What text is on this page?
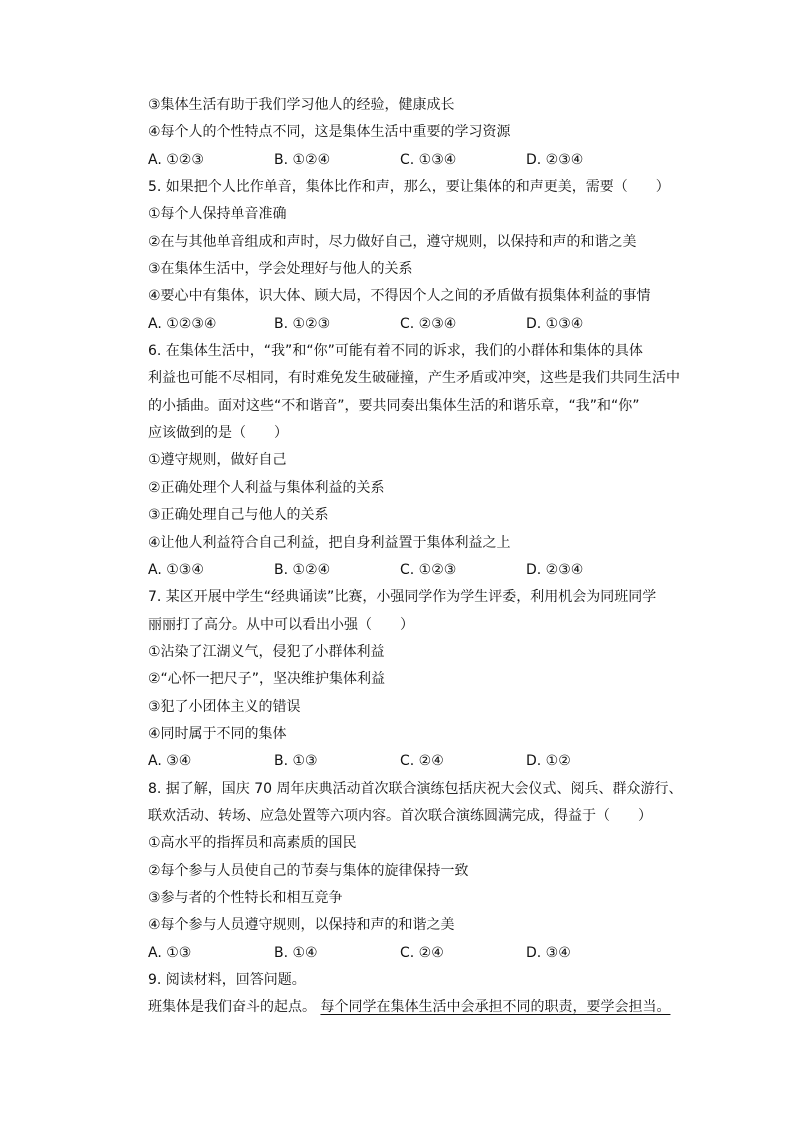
③集体生活有助于我们学习他人的经验，健康成长
④每个人的个性特点不同，这是集体生活中重要的学习资源
A. ①②③	B. ①②④	C. ①③④	D. ②③④
5. 如果把个人比作单音，集体比作和声，那么，要让集体的和声更美，需要（　　）
①每个人保持单音准确
②在与其他单音组成和声时，尽力做好自己，遵守规则，以保持和声的和谐之美
③在集体生活中，学会处理好与他人的关系
④要心中有集体，识大体、顾大局，不得因个人之间的矛盾做有损集体利益的事情
A. ①②③④	B. ①②③	C. ②③④	D. ①③④
6. 在集体生活中，“我”和“你”可能有着不同的诉求，我们的小群体和集体的具体
利益也可能不尽相同，有时难免发生破碰撞，产生矛盾或冲突，这些是我们共同生活中
的小插曲。面对这些“不和谐音”，要共同奏出集体生活的和谐乐章，“我”和“你”
应该做到的是（　　）
①遵守规则，做好自己
②正确处理个人利益与集体利益的关系
③正确处理自己与他人的关系
④让他人利益符合自己利益，把自身利益置于集体利益之上
A. ①③④	B. ①②④	C. ①②③	D. ②③④
7. 某区开展中学生“经典诵读”比赛，小强同学作为学生评委，利用机会为同班同学
丽丽打了高分。从中可以看出小强（　　）
①沾染了江湖义气，侵犯了小群体利益
②“心怀一把尺子”，坚决维护集体利益
③犯了小团体主义的错误
④同时属于不同的集体
A. ③④	B. ①③	C. ②④	D. ①②
8. 据了解，国庆 70 周年庆典活动首次联合演练包括庆祝大会仪式、阅兵、群众游行、
联欢活动、转场、应急处置等六项内容。首次联合演练圆满完成，得益于（　　）
①高水平的指挥员和高素质的国民
②每个参与人员使自己的节奏与集体的旋律保持一致
③参与者的个性特长和相互竞争
④每个参与人员遵守规则，以保持和声的和谐之美
A. ①③	B. ①④	C. ②④	D. ③④
9. 阅读材料，回答问题。
班集体是我们奋斗的起点。 每个同学在集体生活中会承担不同的职责，要学会担当。
